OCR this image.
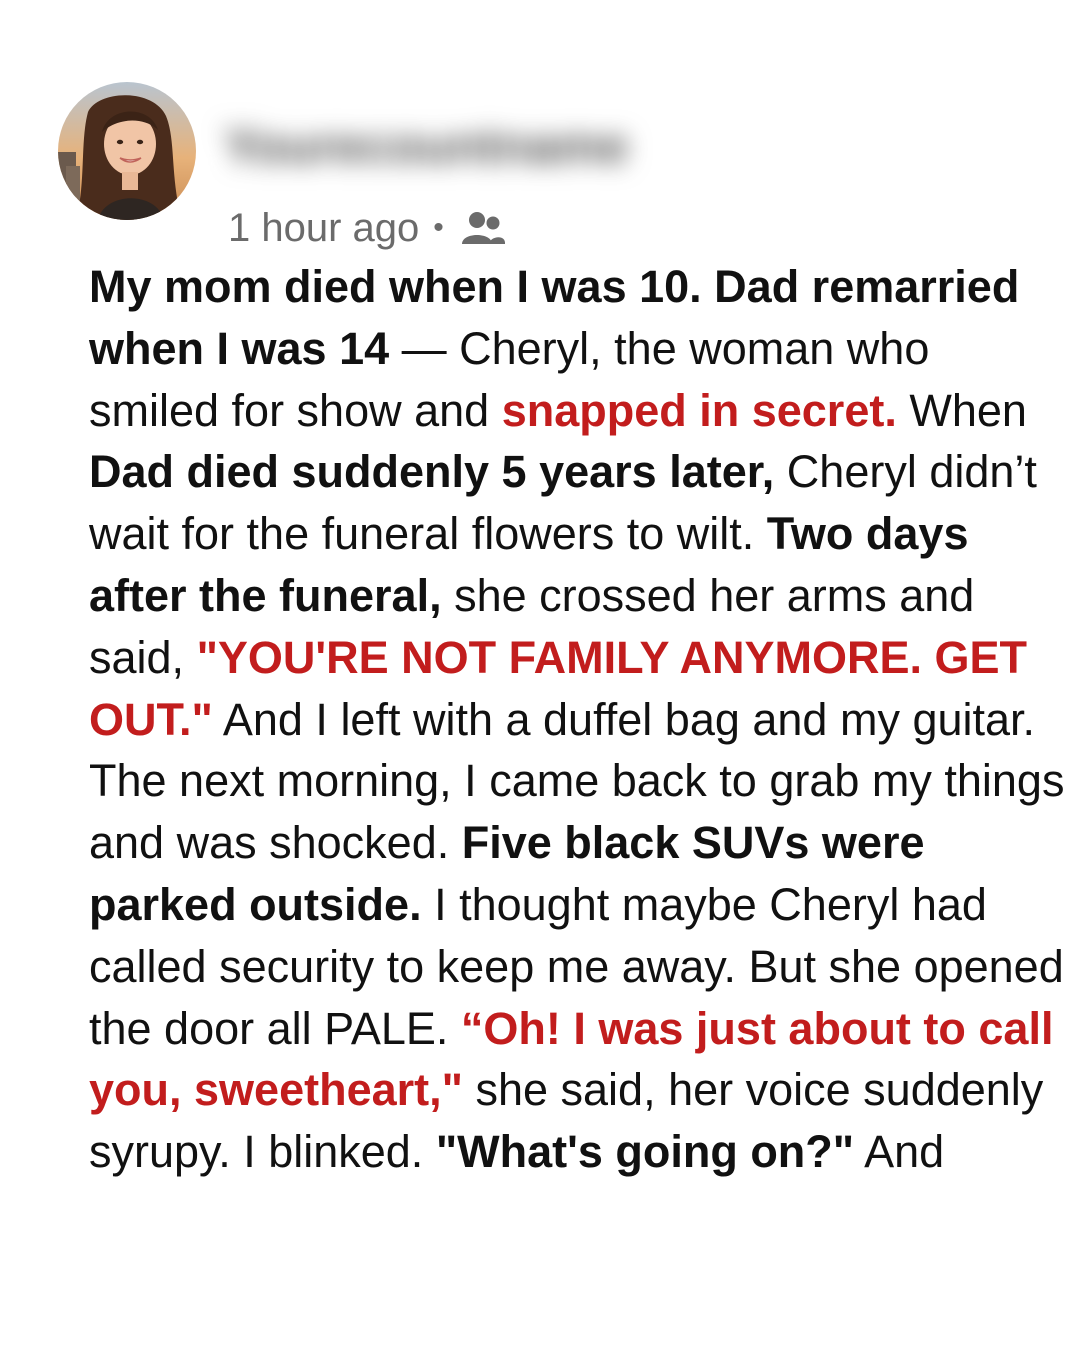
Yourecountname
1 hour ago •

My mom died when I was 10. Dad remarried when I was 14 — Cheryl, the woman who smiled for show and snapped in secret. When Dad died suddenly 5 years later, Cheryl didn’t wait for the funeral flowers to wilt. Two days after the funeral, she crossed her arms and said, "YOU'RE NOT FAMILY ANYMORE. GET OUT." And I left with a duffel bag and my guitar. The next morning, I came back to grab my things and was shocked. Five black SUVs were parked outside. I thought maybe Cheryl had called security to keep me away. But she opened the door all PALE. “Oh! I was just about to call you, sweetheart," she said, her voice suddenly syrupy. I blinked. "What's going on?" And
